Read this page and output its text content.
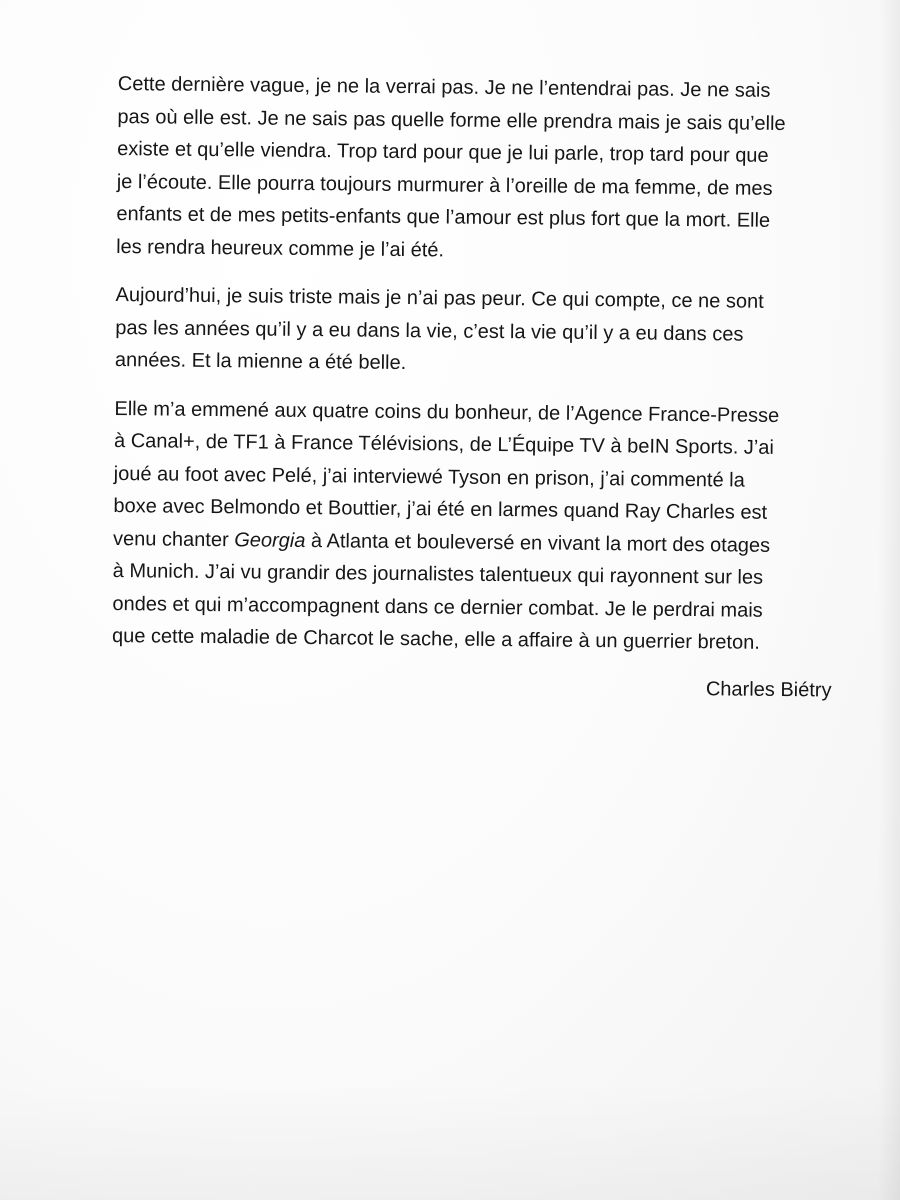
Cette dernière vague, je ne la verrai pas. Je ne l’entendrai pas. Je ne sais
pas où elle est. Je ne sais pas quelle forme elle prendra mais je sais qu’elle
existe et qu’elle viendra. Trop tard pour que je lui parle, trop tard pour que
je l’écoute. Elle pourra toujours murmurer à l’oreille de ma femme, de mes
enfants et de mes petits-enfants que l’amour est plus fort que la mort. Elle
les rendra heureux comme je l’ai été.
Aujourd’hui, je suis triste mais je n’ai pas peur. Ce qui compte, ce ne sont
pas les années qu’il y a eu dans la vie, c’est la vie qu’il y a eu dans ces
années. Et la mienne a été belle.
Elle m’a emmené aux quatre coins du bonheur, de l’Agence France-Presse
à Canal+, de TF1 à France Télévisions, de L’Équipe TV à beIN Sports. J’ai
joué au foot avec Pelé, j’ai interviewé Tyson en prison, j’ai commenté la
boxe avec Belmondo et Bouttier, j’ai été en larmes quand Ray Charles est
venu chanter Georgia à Atlanta et bouleversé en vivant la mort des otages
à Munich. J’ai vu grandir des journalistes talentueux qui rayonnent sur les
ondes et qui m’accompagnent dans ce dernier combat. Je le perdrai mais
que cette maladie de Charcot le sache, elle a affaire à un guerrier breton.
Charles Biétry
